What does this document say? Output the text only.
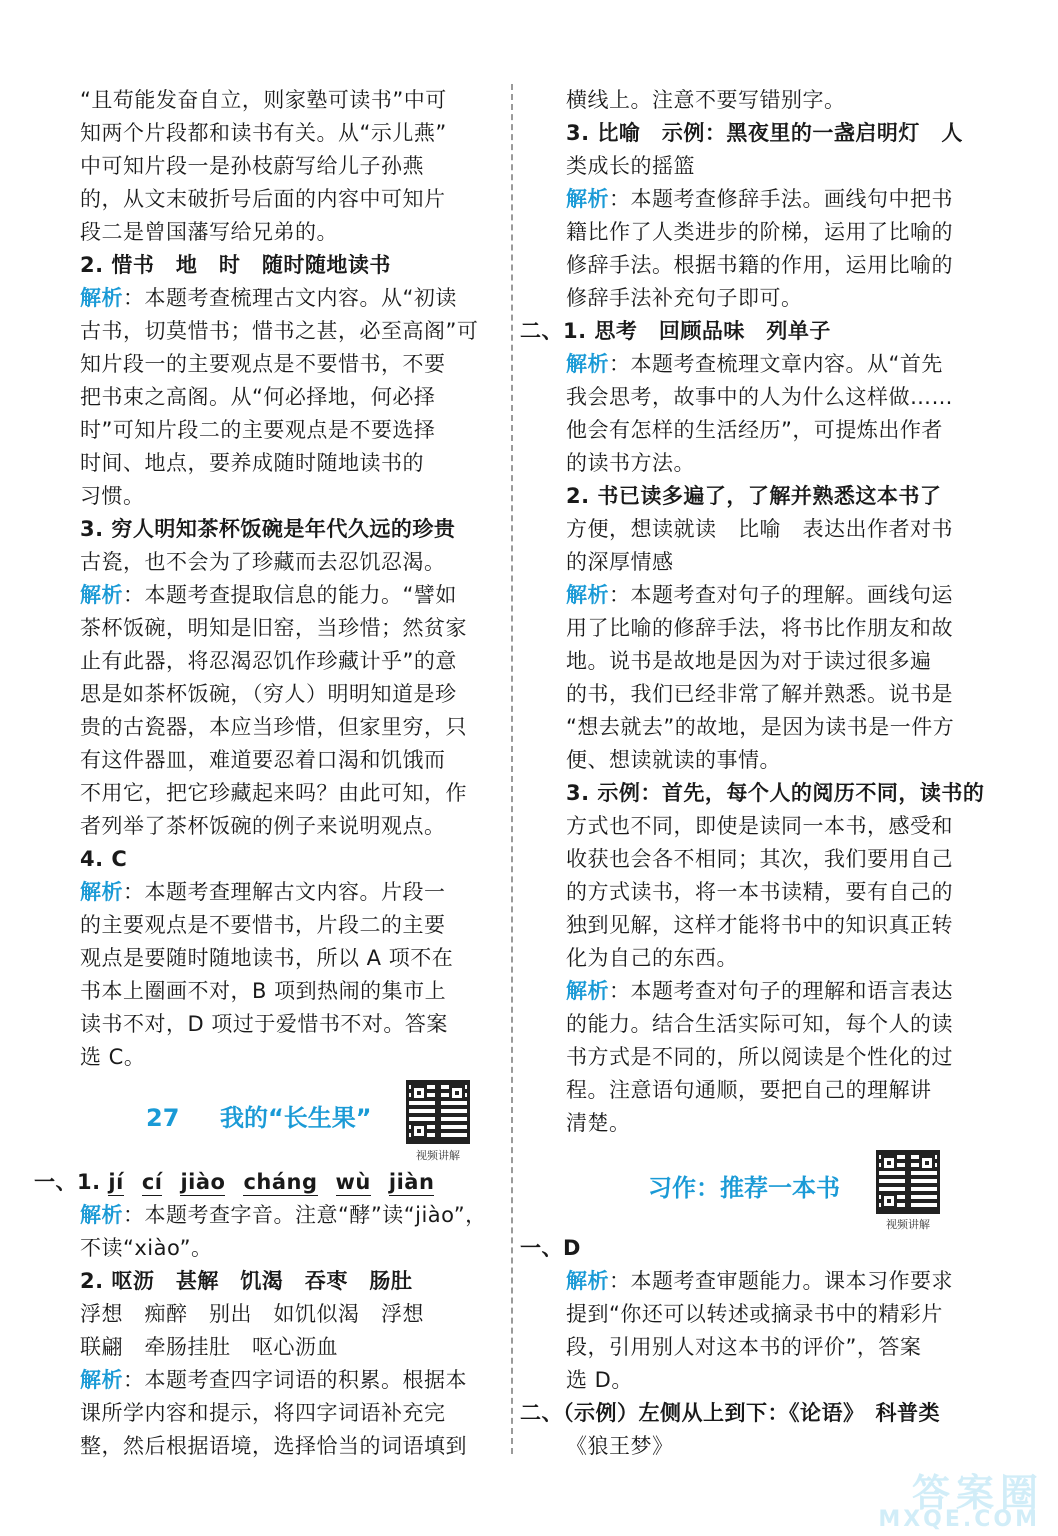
“且苟能发奋自立，则家塾可读书”中可
知两个片段都和读书有关。从“示儿燕”
中可知片段一是孙枝蔚写给儿子孙燕
的，从文末破折号后面的内容中可知片
段二是曾国藩写给兄弟的。
2. 惜书　地　时　随时随地读书
解析：本题考查梳理古文内容。从“初读
古书，切莫惜书；惜书之甚，必至高阁”可
知片段一的主要观点是不要惜书，不要
把书束之高阁。从“何必择地，何必择
时”可知片段二的主要观点是不要选择
时间、地点，要养成随时随地读书的
习惯。
3. 穷人明知茶杯饭碗是年代久远的珍贵
古瓷，也不会为了珍藏而去忍饥忍渴。
解析：本题考查提取信息的能力。“譬如
茶杯饭碗，明知是旧窑，当珍惜；然贫家
止有此器，将忍渴忍饥作珍藏计乎”的意
思是如茶杯饭碗，（穷人）明明知道是珍
贵的古瓷器，本应当珍惜，但家里穷，只
有这件器皿，难道要忍着口渴和饥饿而
不用它，把它珍藏起来吗？由此可知，作
者列举了茶杯饭碗的例子来说明观点。
4. C
解析：本题考查理解古文内容。片段一
的主要观点是不要惜书，片段二的主要
观点是要随时随地读书，所以 A 项不在
书本上圈画不对，B 项到热闹的集市上
读书不对，D 项过于爱惜书不对。答案
选 C。
27 我的“长生果”
视频讲解
一、1. jí cí jiào cháng wù jiàn
解析：本题考查字音。注意“酵”读“jiào”，
不读“xiào”。
2. 呕沥　甚解　饥渴　吞枣　肠肚
浮想　痴醉　别出　如饥似渴　浮想
联翩　牵肠挂肚　呕心沥血
解析：本题考查四字词语的积累。根据本
课所学内容和提示，将四字词语补充完
整，然后根据语境，选择恰当的词语填到
横线上。注意不要写错别字。
3. 比喻　示例：黑夜里的一盏启明灯　人
类成长的摇篮
解析：本题考查修辞手法。画线句中把书
籍比作了人类进步的阶梯，运用了比喻的
修辞手法。根据书籍的作用，运用比喻的
修辞手法补充句子即可。
二、1. 思考　回顾品味　列单子
解析：本题考查梳理文章内容。从“首先
我会思考，故事中的人为什么这样做……
他会有怎样的生活经历”，可提炼出作者
的读书方法。
2. 书已读多遍了，了解并熟悉这本书了
方便，想读就读　比喻　表达出作者对书
的深厚情感
解析：本题考查对句子的理解。画线句运
用了比喻的修辞手法，将书比作朋友和故
地。说书是故地是因为对于读过很多遍
的书，我们已经非常了解并熟悉。说书是
“想去就去”的故地，是因为读书是一件方
便、想读就读的事情。
3. 示例：首先，每个人的阅历不同，读书的
方式也不同，即使是读同一本书，感受和
收获也会各不相同；其次，我们要用自己
的方式读书，将一本书读精，要有自己的
独到见解，这样才能将书中的知识真正转
化为自己的东西。
解析：本题考查对句子的理解和语言表达
的能力。结合生活实际可知，每个人的读
书方式是不同的，所以阅读是个性化的过
程。注意语句通顺，要把自己的理解讲
清楚。
习作：推荐一本书
视频讲解
一、D
解析：本题考查审题能力。课本习作要求
提到“你还可以转述或摘录书中的精彩片
段，引用别人对这本书的评价”，答案
选 D。
二、（示例）左侧从上到下：《论语》　科普类
《狼王梦》
答案圈
MXQE.COM
